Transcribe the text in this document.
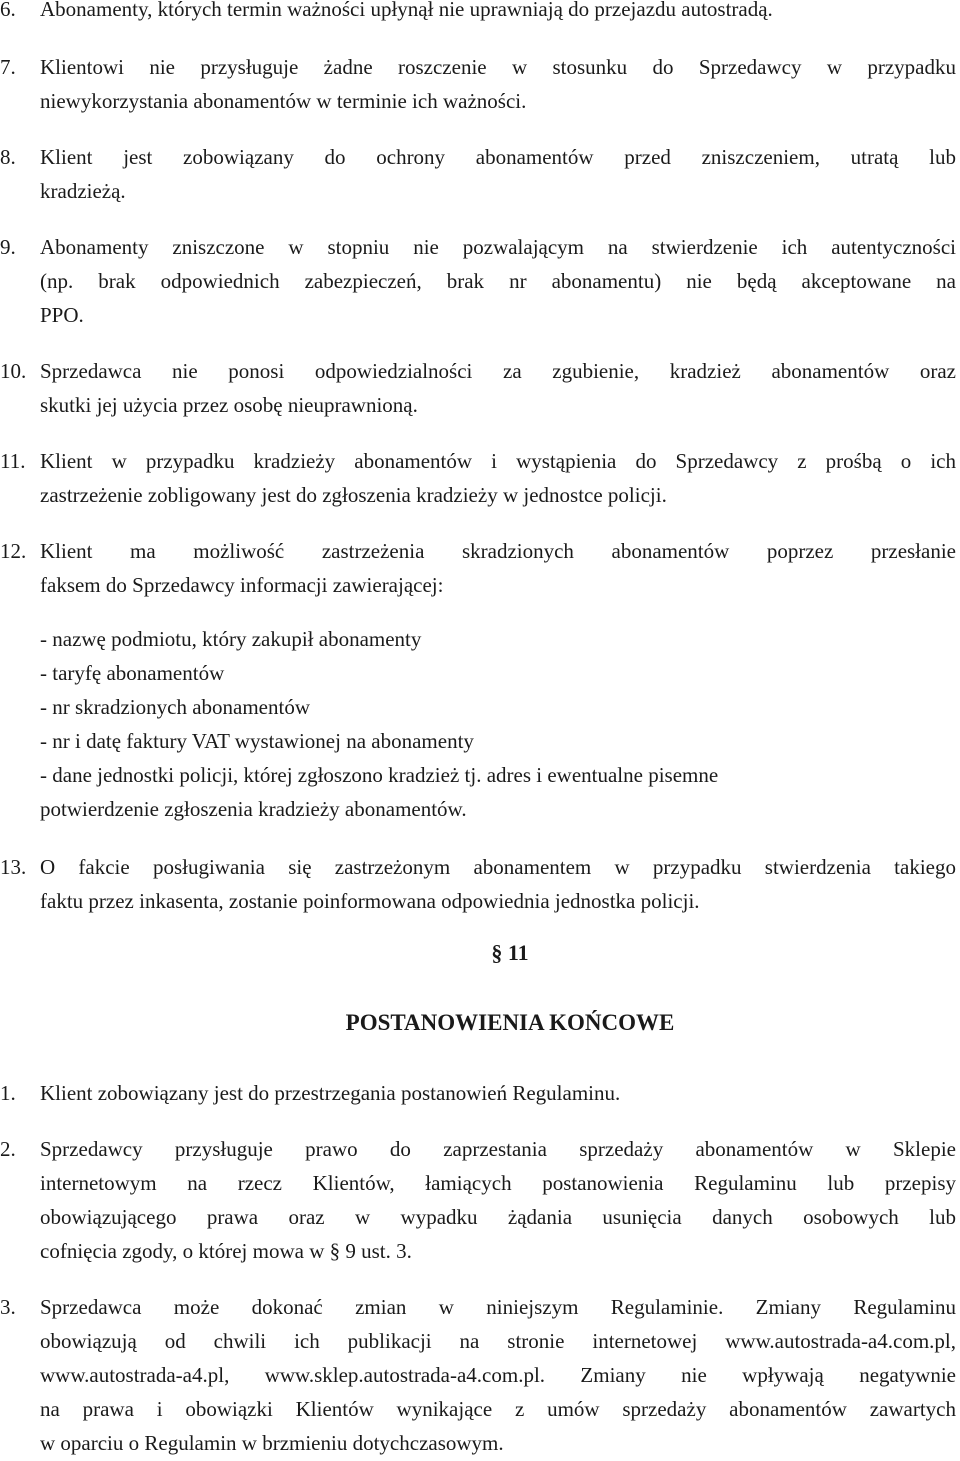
6.	Abonamenty, których termin ważności upłynął nie uprawniają do przejazdu autostradą.
7.	Klientowi nie przysługuje żadne roszczenie w stosunku do Sprzedawcy w przypadku
niewykorzystania abonamentów w terminie ich ważności.
8.	Klient jest zobowiązany do ochrony abonamentów przed zniszczeniem, utratą lub
kradzieżą.
9.	Abonamenty zniszczone w stopniu nie pozwalającym na stwierdzenie ich autentyczności
(np. brak odpowiednich zabezpieczeń, brak nr abonamentu) nie będą akceptowane na
PPO.
10. Sprzedawca nie ponosi odpowiedzialności za zgubienie, kradzież abonamentów oraz
skutki jej użycia przez osobę nieuprawnioną.
11. Klient w przypadku kradzieży abonamentów i wystąpienia do Sprzedawcy z prośbą o ich
zastrzeżenie zobligowany jest do zgłoszenia kradzieży w jednostce policji.
12. Klient ma możliwość zastrzeżenia skradzionych abonamentów poprzez przesłanie
faksem do Sprzedawcy informacji zawierającej:
- nazwę podmiotu, który zakupił abonamenty
- taryfę abonamentów
- nr skradzionych abonamentów
- nr i datę faktury VAT wystawionej na abonamenty
- dane jednostki policji, której zgłoszono kradzież tj. adres i ewentualne pisemne
potwierdzenie zgłoszenia kradzieży abonamentów.
13. O fakcie posługiwania się zastrzeżonym abonamentem w przypadku stwierdzenia takiego
faktu przez inkasenta, zostanie poinformowana odpowiednia jednostka policji.
§ 11
POSTANOWIENIA KOŃCOWE
1.	Klient zobowiązany jest do przestrzegania postanowień Regulaminu.
2.	Sprzedawcy przysługuje prawo do zaprzestania sprzedaży abonamentów w Sklepie
internetowym na rzecz Klientów, łamiących postanowienia Regulaminu lub przepisy
obowiązującego prawa oraz w wypadku żądania usunięcia danych osobowych lub
cofnięcia zgody, o której mowa w § 9 ust. 3.
3.	Sprzedawca może dokonać zmian w niniejszym Regulaminie. Zmiany Regulaminu
obowiązują od chwili ich publikacji na stronie internetowej www.autostrada-a4.com.pl,
www.autostrada-a4.pl, www.sklep.autostrada-a4.com.pl. Zmiany nie wpływają negatywnie
na prawa i obowiązki Klientów wynikające z umów sprzedaży abonamentów zawartych
w oparciu o Regulamin w brzmieniu dotychczasowym.
